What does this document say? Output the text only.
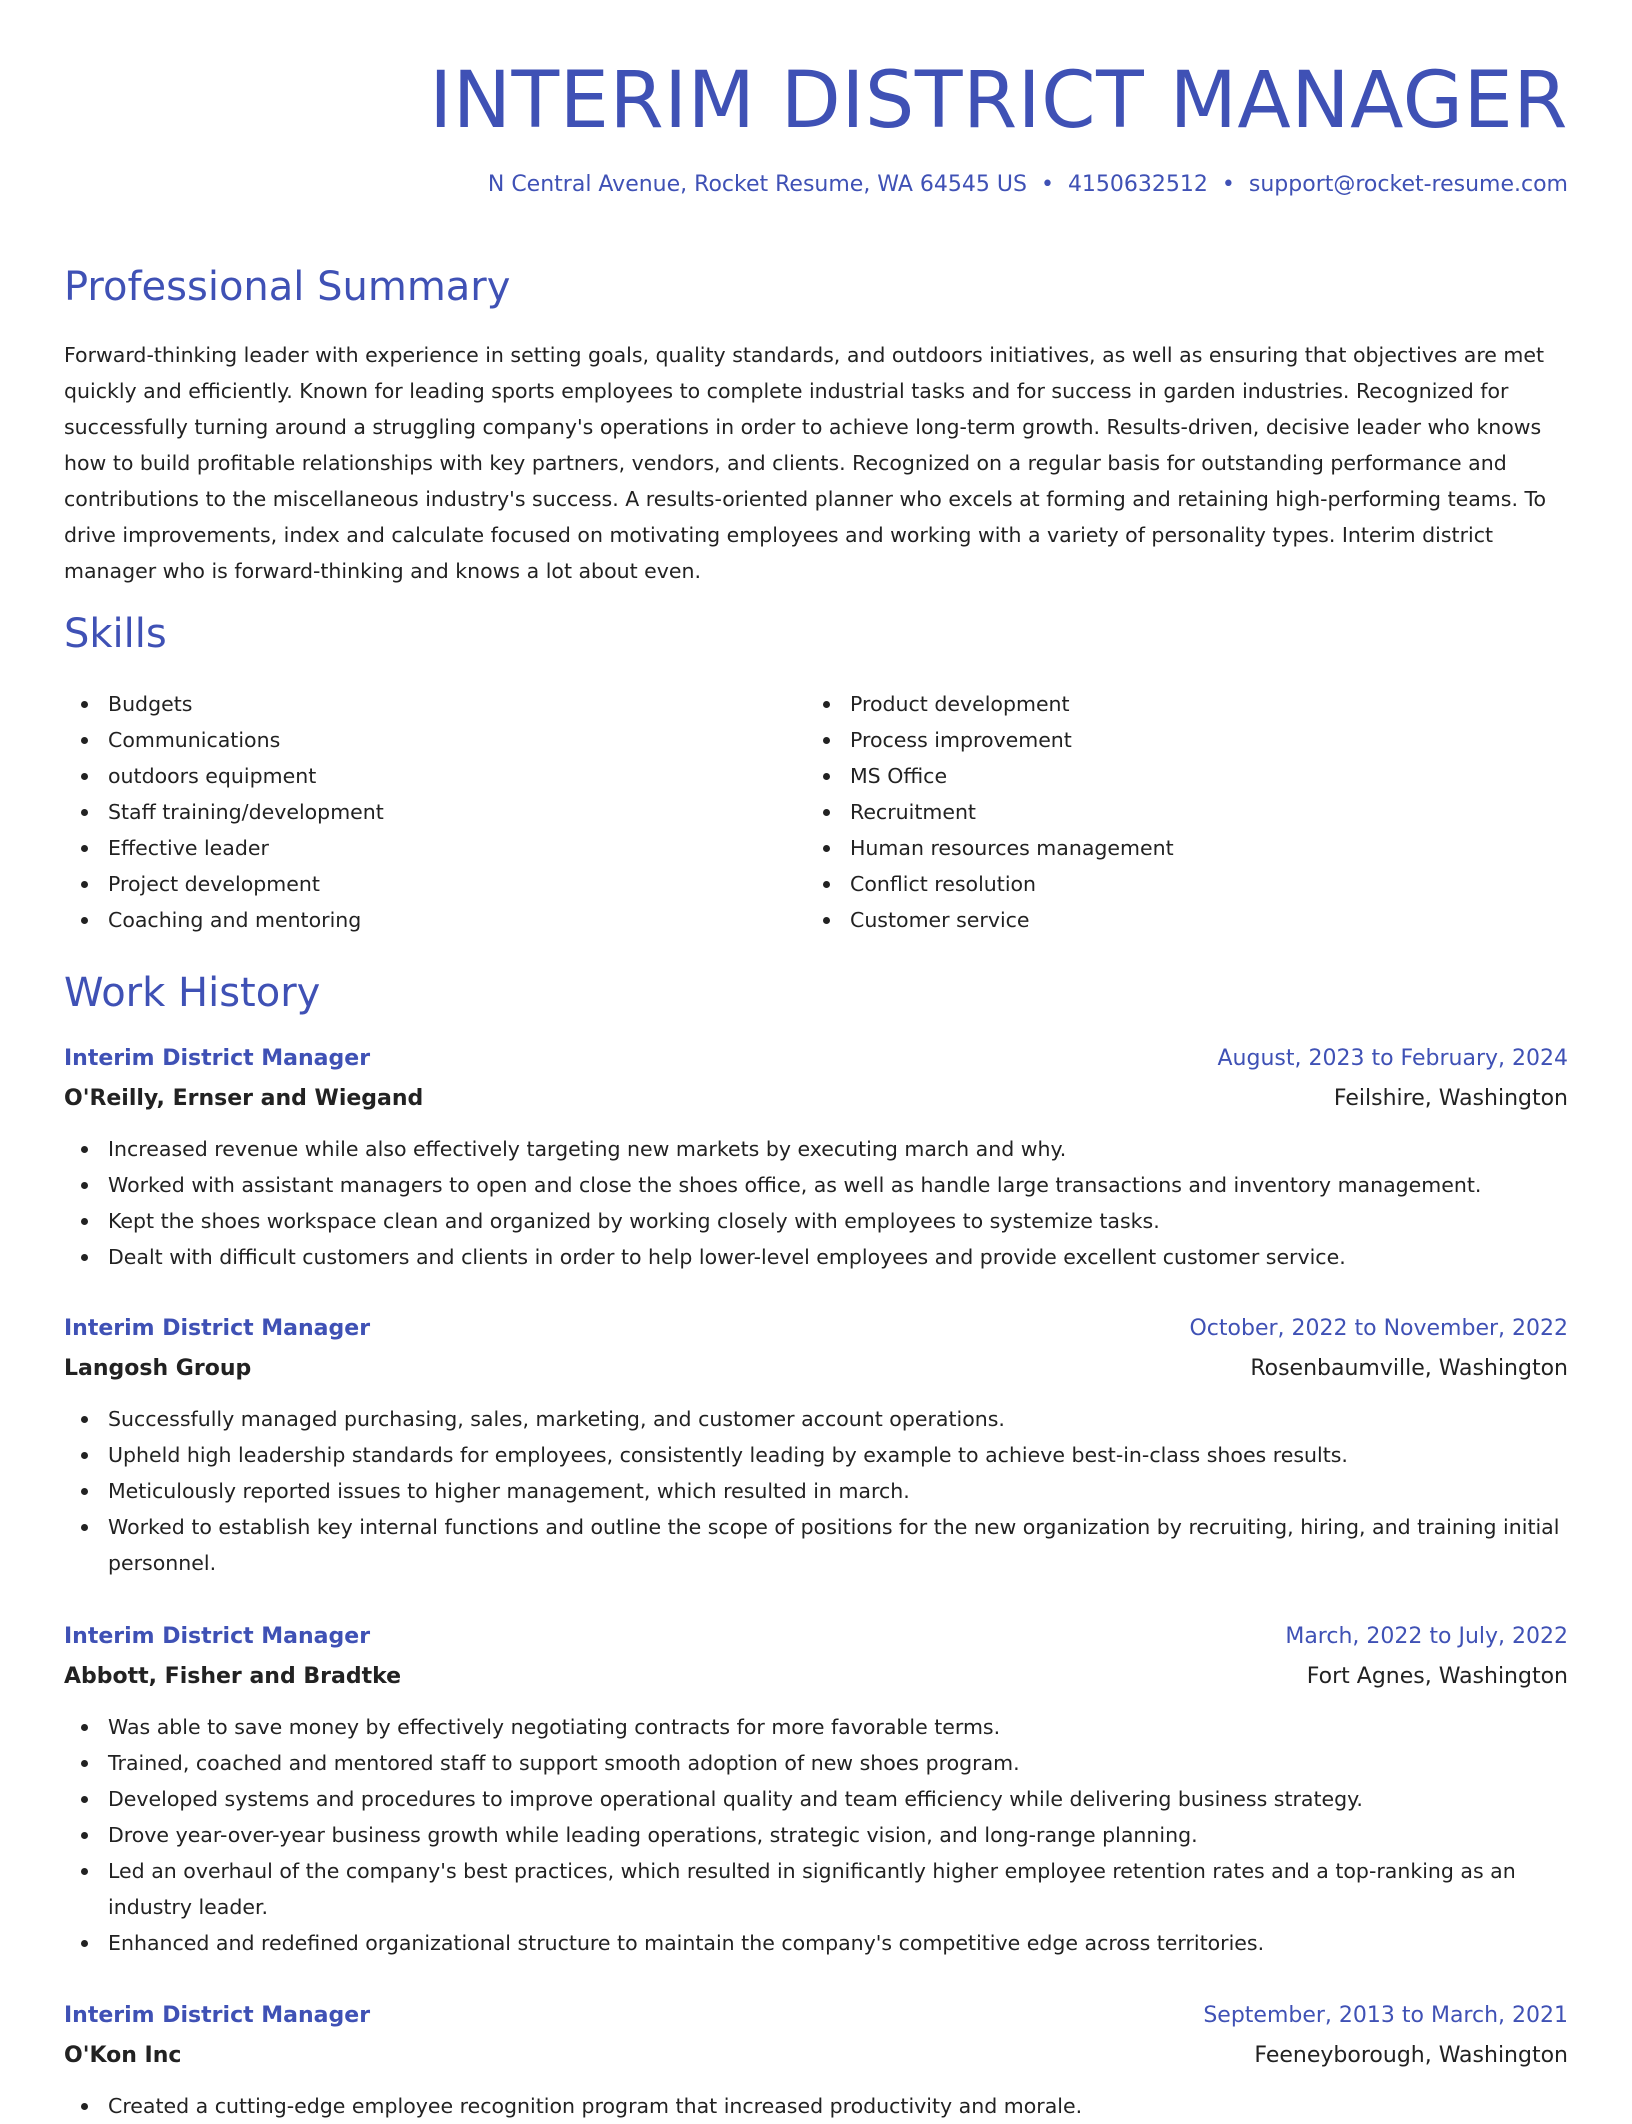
INTERIM DISTRICT MANAGER
N Central Avenue, Rocket Resume, WA 64545 US • 4150632512 • support@rocket-resume.com
Professional Summary

Forward-thinking leader with experience in setting goals, quality standards, and outdoors initiatives, as well as ensuring that objectives are met quickly and efficiently. Known for leading sports employees to complete industrial tasks and for success in garden industries. Recognized for successfully turning around a struggling company's operations in order to achieve long-term growth. Results-driven, decisive leader who knows how to build profitable relationships with key partners, vendors, and clients. Recognized on a regular basis for outstanding performance and contributions to the miscellaneous industry's success. A results-oriented planner who excels at forming and retaining high-performing teams. To drive improvements, index and calculate focused on motivating employees and working with a variety of personality types. Interim district manager who is forward-thinking and knows a lot about even.

Skills
Budgets
Communications
outdoors equipment
Staff training/development
Effective leader
Project development
Coaching and mentoring
Product development
Process improvement
MS Office
Recruitment
Human resources management
Conflict resolution
Customer service
Work History
Interim District Manager	August, 2023 to February, 2024
O'Reilly, Ernser and Wiegand	Feilshire, Washington
Increased revenue while also effectively targeting new markets by executing march and why.
Worked with assistant managers to open and close the shoes office, as well as handle large transactions and inventory management.
Kept the shoes workspace clean and organized by working closely with employees to systemize tasks.
Dealt with difficult customers and clients in order to help lower-level employees and provide excellent customer service.
Interim District Manager	October, 2022 to November, 2022
Langosh Group	Rosenbaumville, Washington
Successfully managed purchasing, sales, marketing, and customer account operations.
Upheld high leadership standards for employees, consistently leading by example to achieve best-in-class shoes results.
Meticulously reported issues to higher management, which resulted in march.
Worked to establish key internal functions and outline the scope of positions for the new organization by recruiting, hiring, and training initial personnel.
Interim District Manager	March, 2022 to July, 2022
Abbott, Fisher and Bradtke	Fort Agnes, Washington
Was able to save money by effectively negotiating contracts for more favorable terms.
Trained, coached and mentored staff to support smooth adoption of new shoes program.
Developed systems and procedures to improve operational quality and team efficiency while delivering business strategy.
Drove year-over-year business growth while leading operations, strategic vision, and long-range planning.
Led an overhaul of the company's best practices, which resulted in significantly higher employee retention rates and a top-ranking as an industry leader.
Enhanced and redefined organizational structure to maintain the company's competitive edge across territories.
Interim District Manager	September, 2013 to March, 2021
O'Kon Inc	Feeneyborough, Washington
Created a cutting-edge employee recognition program that increased productivity and morale.
